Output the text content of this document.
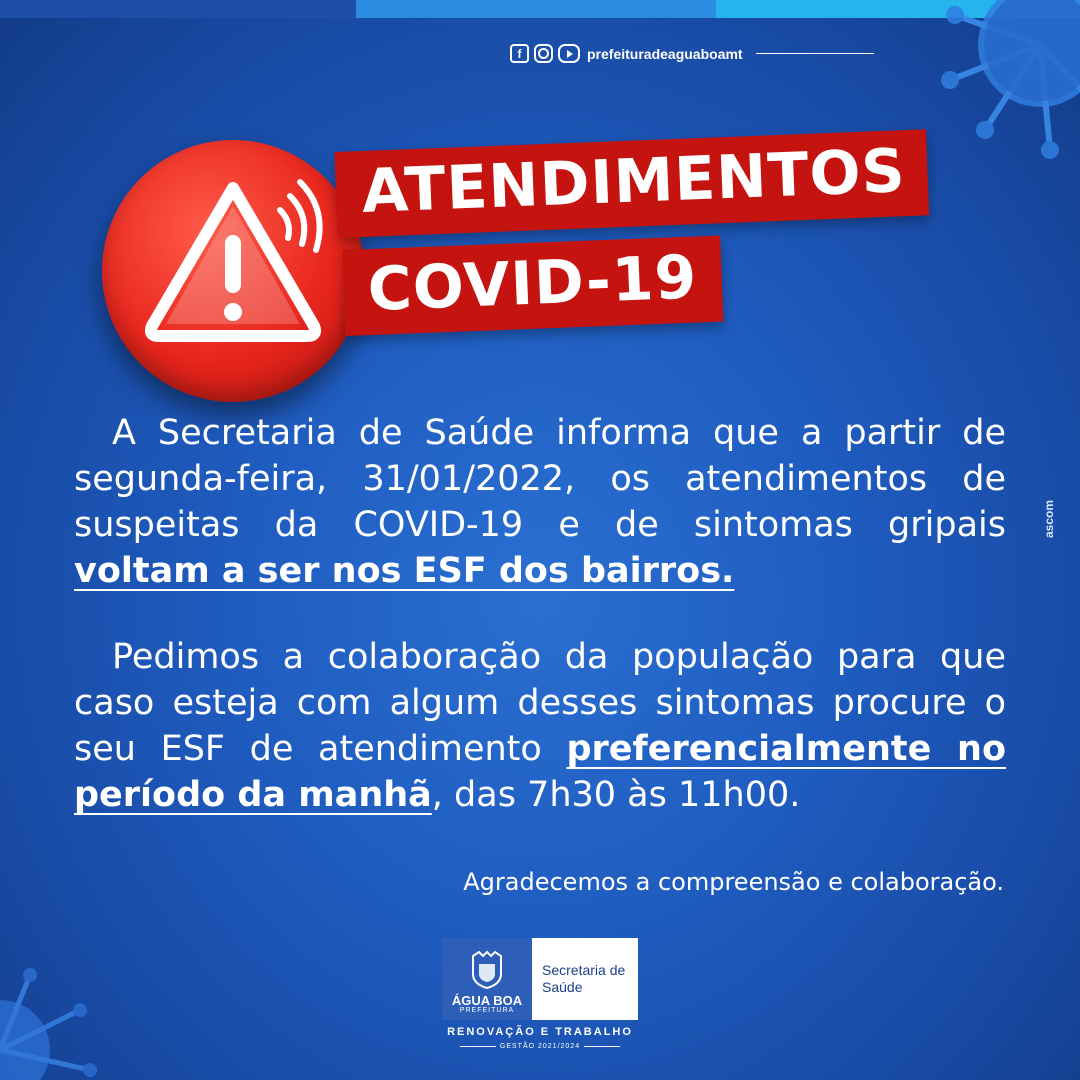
f	prefeituradeaguaboamt
ATENDIMENTOS
COVID-19
ascom

A Secretaria de Saúde informa que a partir de segunda-feira, 31/01/2022, os atendimentos de suspeitas da COVID-19 e de sintomas gripais voltam a ser nos ESF dos bairros.

Pedimos a colaboração da população para que caso esteja com algum desses sintomas procure o seu ESF de atendimento preferencialmente no período da manhã, das 7h30 às 11h00.

Agradecemos a compreensão e colaboração.
ÁGUA BOA
PREFEITURA
Secretaria de Saúde
RENOVAÇÃO E TRABALHO
GESTÃO 2021/2024
